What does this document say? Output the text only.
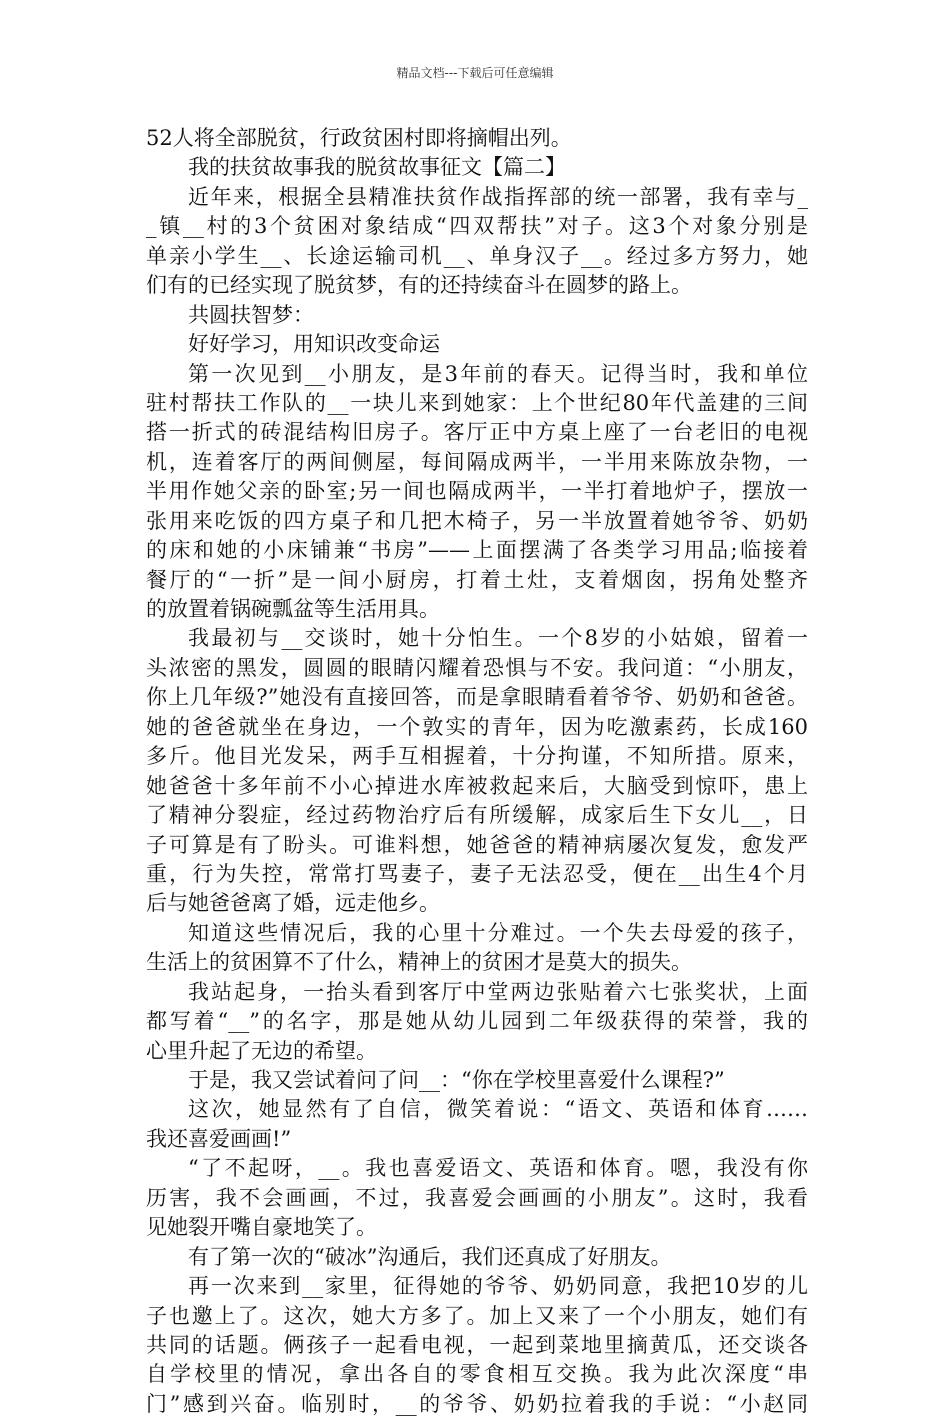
精品文档---下载后可任意编辑
52人将全部脱贫，行政贫困村即将摘帽出列。
我的扶贫故事我的脱贫故事征文【篇二】
近年来，根据全县精准扶贫作战指挥部的统一部署，我有幸与_
_镇__村的3个贫困对象结成“四双帮扶”对子。这3个对象分别是
单亲小学生__、长途运输司机__、单身汉子__。经过多方努力，她
们有的已经实现了脱贫梦，有的还持续奋斗在圆梦的路上。
共圆扶智梦：
好好学习，用知识改变命运
第一次见到__小朋友，是3年前的春天。记得当时，我和单位
驻村帮扶工作队的__一块儿来到她家：上个世纪80年代盖建的三间
搭一折式的砖混结构旧房子。客厅正中方桌上座了一台老旧的电视
机，连着客厅的两间侧屋，每间隔成两半，一半用来陈放杂物，一
半用作她父亲的卧室;另一间也隔成两半，一半打着地炉子，摆放一
张用来吃饭的四方桌子和几把木椅子，另一半放置着她爷爷、奶奶
的床和她的小床铺兼“书房”——上面摆满了各类学习用品;临接着
餐厅的“一折”是一间小厨房，打着土灶，支着烟囱，拐角处整齐
的放置着锅碗瓢盆等生活用具。
我最初与__交谈时，她十分怕生。一个8岁的小姑娘，留着一
头浓密的黑发，圆圆的眼睛闪耀着恐惧与不安。我问道：“小朋友，
你上几年级?”她没有直接回答，而是拿眼睛看着爷爷、奶奶和爸爸。
她的爸爸就坐在身边，一个敦实的青年，因为吃激素药，长成160
多斤。他目光发呆，两手互相握着，十分拘谨，不知所措。原来，
她爸爸十多年前不小心掉进水库被救起来后，大脑受到惊吓，患上
了精神分裂症，经过药物治疗后有所缓解，成家后生下女儿__，日
子可算是有了盼头。可谁料想，她爸爸的精神病屡次复发，愈发严
重，行为失控，常常打骂妻子，妻子无法忍受，便在__出生4个月
后与她爸爸离了婚，远走他乡。
知道这些情况后，我的心里十分难过。一个失去母爱的孩子，
生活上的贫困算不了什么，精神上的贫困才是莫大的损失。
我站起身，一抬头看到客厅中堂两边张贴着六七张奖状，上面
都写着“__”的名字，那是她从幼儿园到二年级获得的荣誉，我的
心里升起了无边的希望。
于是，我又尝试着问了问__：“你在学校里喜爱什么课程?”
这次，她显然有了自信，微笑着说：“语文、英语和体育……
我还喜爱画画!”
“了不起呀，__。我也喜爱语文、英语和体育。嗯，我没有你
历害，我不会画画，不过，我喜爱会画画的小朋友”。这时，我看
见她裂开嘴自豪地笑了。
有了第一次的“破冰”沟通后，我们还真成了好朋友。
再一次来到__家里，征得她的爷爷、奶奶同意，我把10岁的儿
子也邀上了。这次，她大方多了。加上又来了一个小朋友，她们有
共同的话题。俩孩子一起看电视，一起到菜地里摘黄瓜，还交谈各
自学校里的情况，拿出各自的零食相互交换。我为此次深度“串
门”感到兴奋。临别时，__的爷爷、奶奶拉着我的手说：“小赵同
